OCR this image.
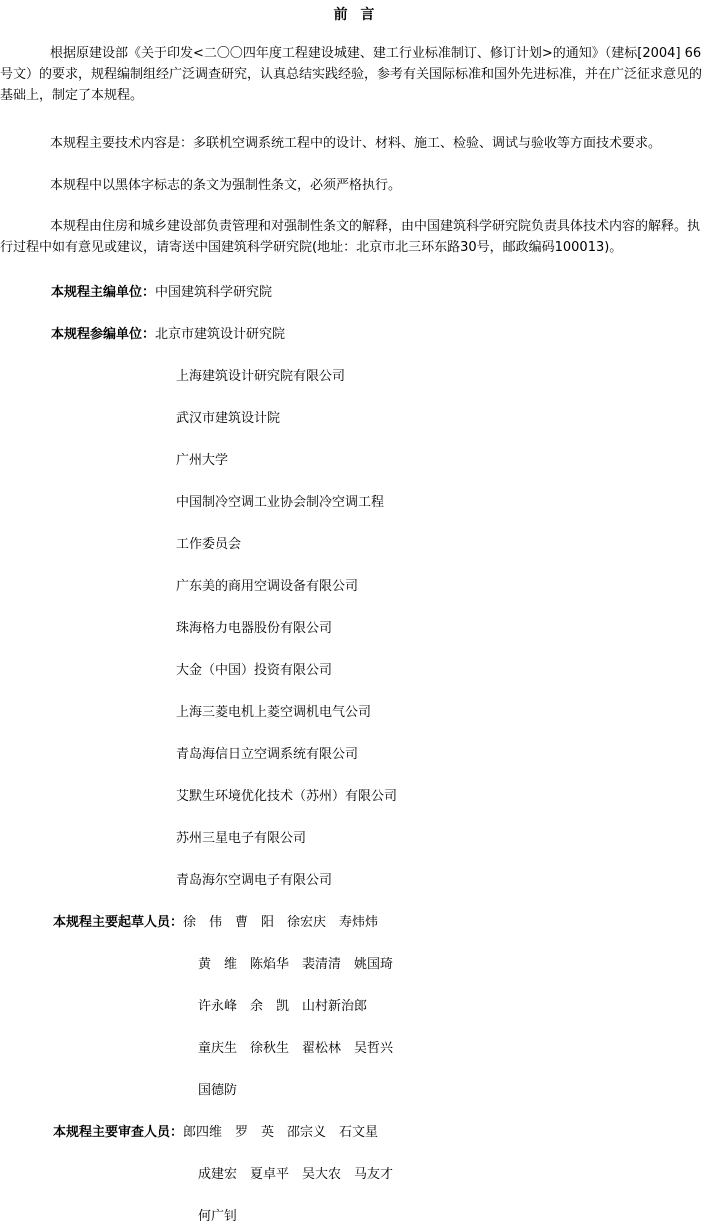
前 言
根据原建设部《关于印发<二〇〇四年度工程建设城建、建工行业标准制订、修订计划>的通知》（建标[2004] 66号文）的要求，规程编制组经广泛调查研究，认真总结实践经验，参考有关国际标准和国外先进标准，并在广泛征求意见的基础上，制定了本规程。
本规程主要技术内容是：多联机空调系统工程中的设计、材料、施工、检验、调试与验收等方面技术要求。
本规程中以黑体字标志的条文为强制性条文，必须严格执行。
本规程由住房和城乡建设部负责管理和对强制性条文的解释，由中国建筑科学研究院负责具体技术内容的解释。执行过程中如有意见或建议，请寄送中国建筑科学研究院(地址：北京市北三环东路30号，邮政编码100013)。
本规程主编单位：中国建筑科学研究院
本规程参编单位：北京市建筑设计研究院
上海建筑设计研究院有限公司
武汉市建筑设计院
广州大学
中国制冷空调工业协会制冷空调工程
工作委员会
广东美的商用空调设备有限公司
珠海格力电器股份有限公司
大金（中国）投资有限公司
上海三菱电机上菱空调机电气公司
青岛海信日立空调系统有限公司
艾默生环境优化技术（苏州）有限公司
苏州三星电子有限公司
青岛海尔空调电子有限公司
本规程主要起草人员：徐　伟　曹　阳　徐宏庆　寿炜炜
黄　维　陈焰华　裴清清　姚国琦
许永峰　余　凯　山村新治郎
童庆生　徐秋生　翟松林　吴哲兴
国德防
本规程主要审查人员：郎四维　罗　英　邵宗义　石文星
成建宏　夏卓平　吴大农　马友才
何广钊
